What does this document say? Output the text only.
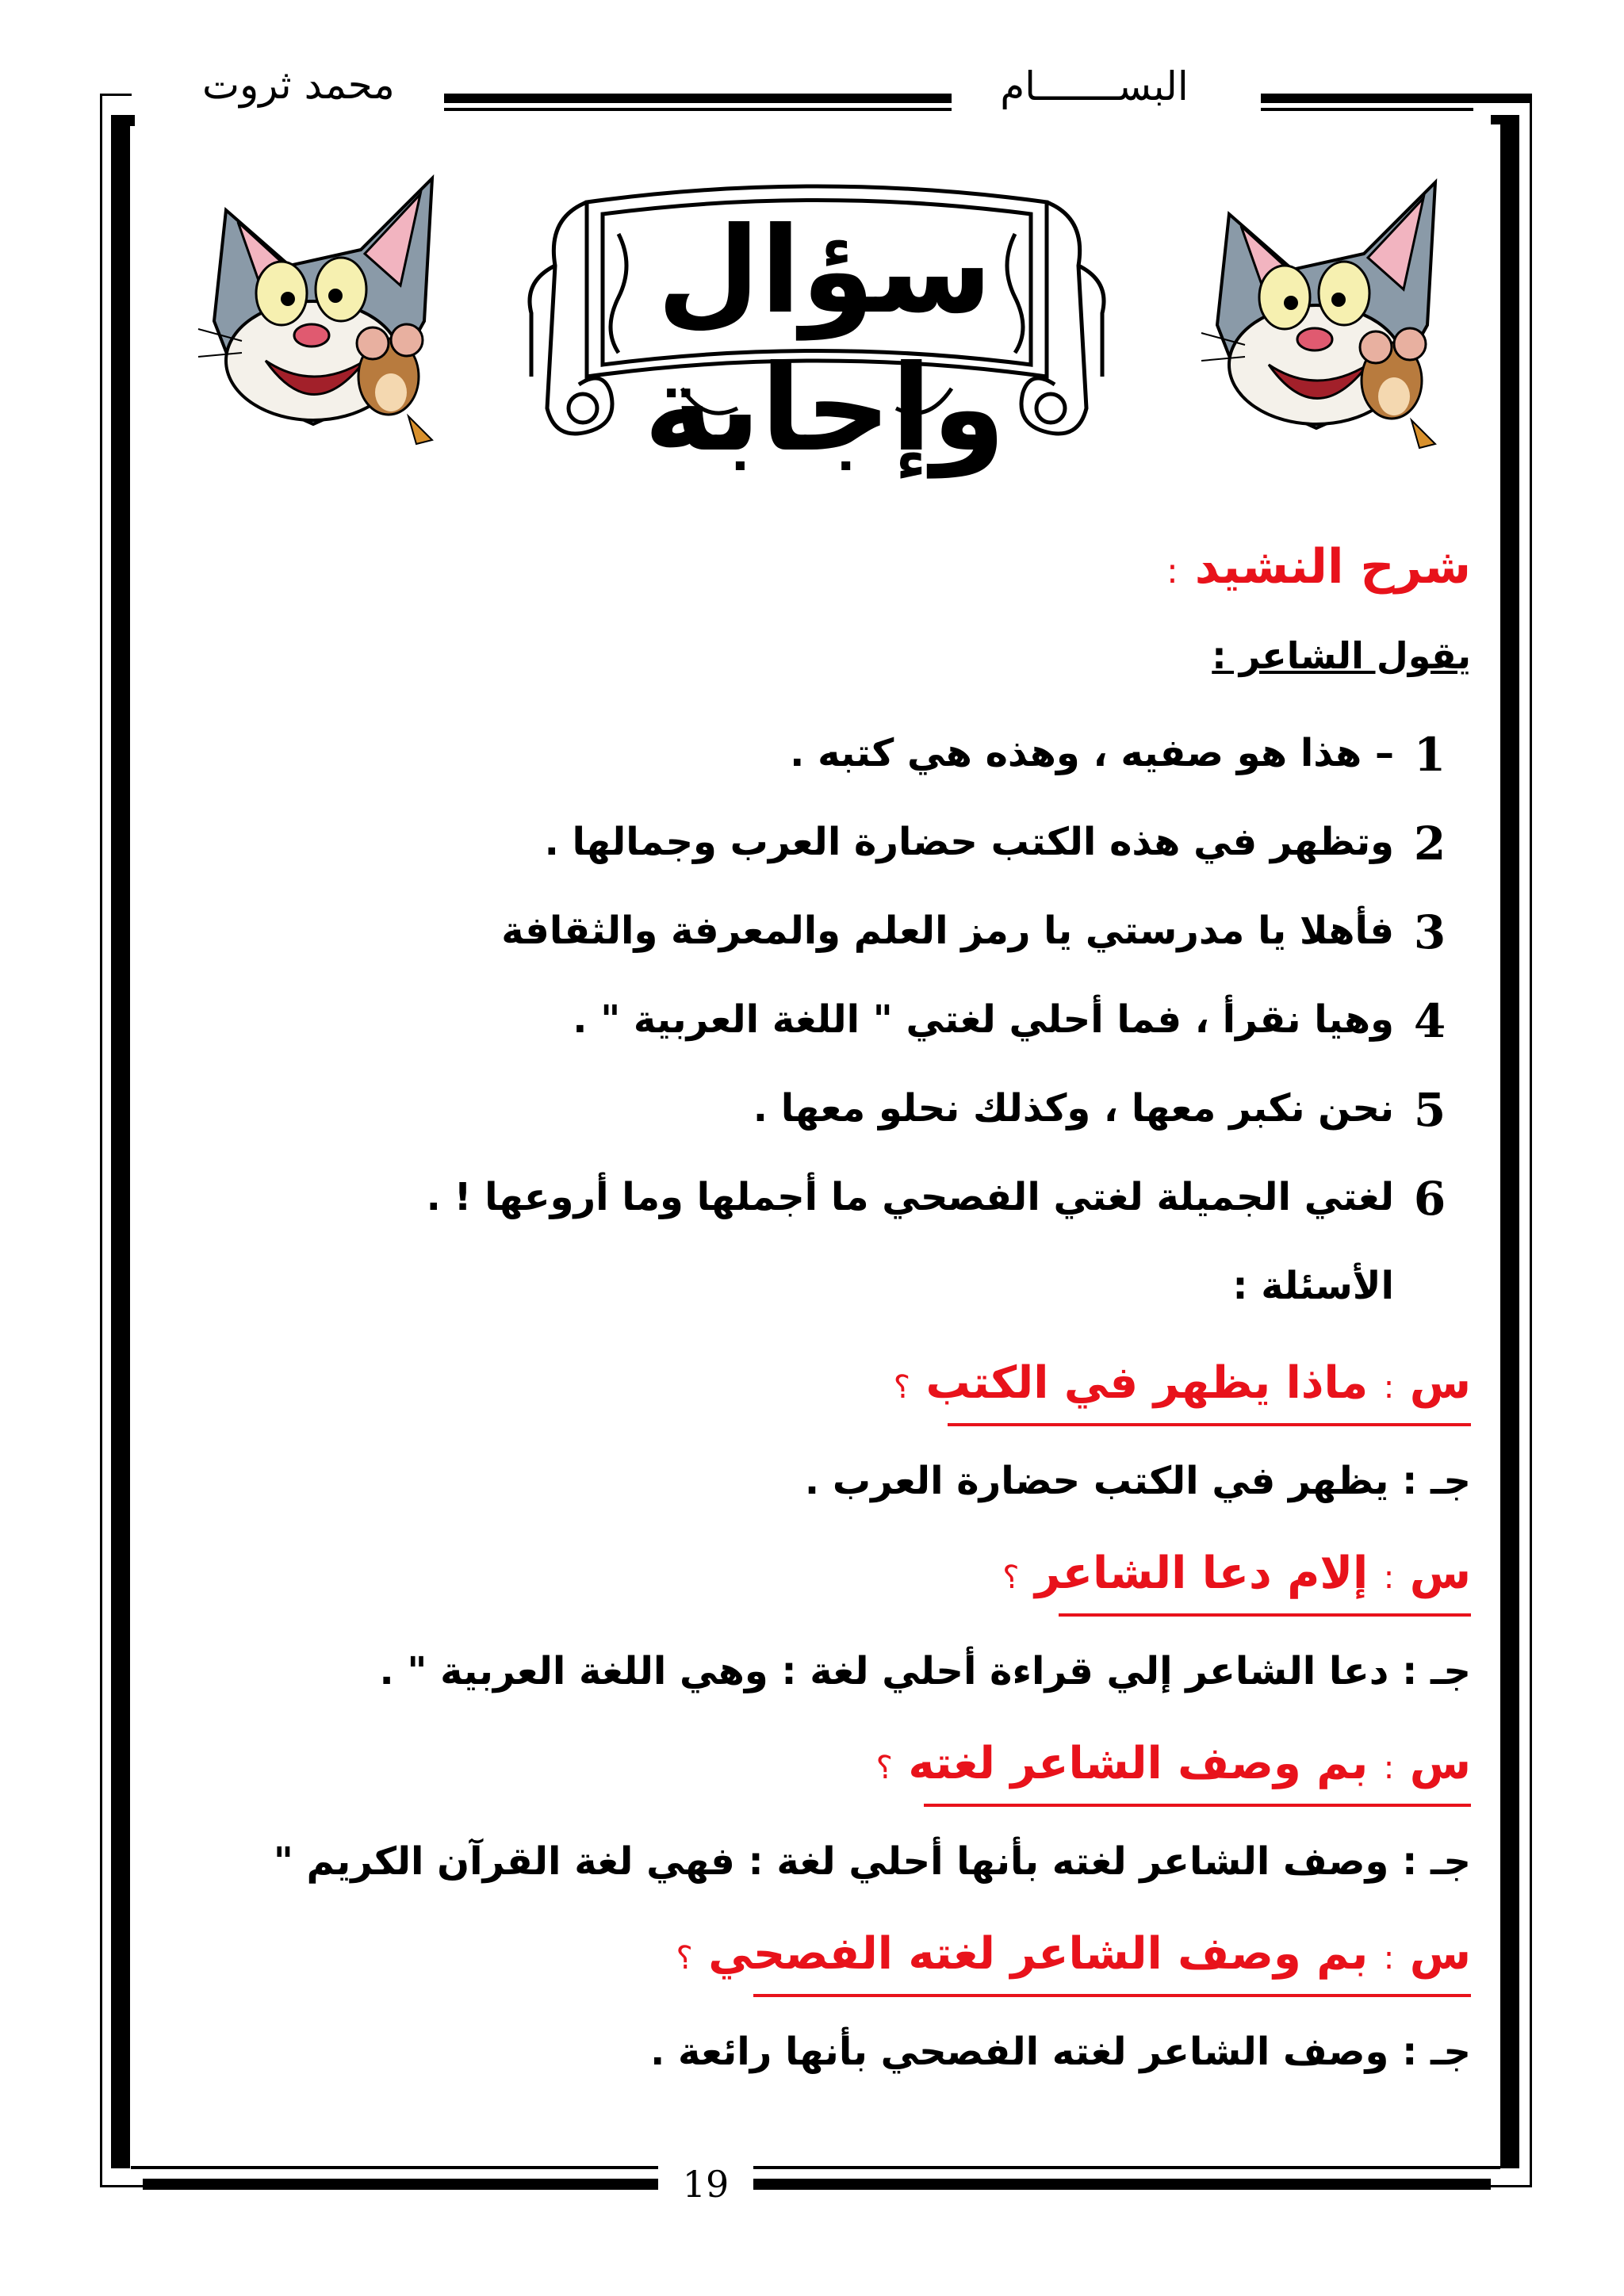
محمد ثروت	البســـــــام
سؤال وإجابة
شرح النشيد :
يقول الشاعر :
1
– هذا هو صفيه ، وهذه هي كتبه .
2
وتظهر في هذه الكتب حضارة العرب وجمالها .
3
فأهلا يا مدرستي يا رمز العلم والمعرفة والثقافة
4
وهيا نقرأ ، فما أحلي لغتي " اللغة العربية " .
5
نحن نكبر معها ، وكذلك نحلو معها .
6
لغتي الجميلة لغتي الفصحي ما أجملها وما أروعها ! .
الأسئلة :
س : ماذا يظهر في الكتب ؟
جـ : يظهر في الكتب حضارة العرب .
س : إلام دعا الشاعر ؟
جـ : دعا الشاعر إلي قراءة أحلي لغة : وهي اللغة العربية " .
س : بم وصف الشاعر لغته ؟
جـ : وصف الشاعر لغته بأنها أحلي لغة : فهي لغة القرآن الكريم "
س : بم وصف الشاعر لغته الفصحي ؟
جـ : وصف الشاعر لغته الفصحي بأنها رائعة .
19
